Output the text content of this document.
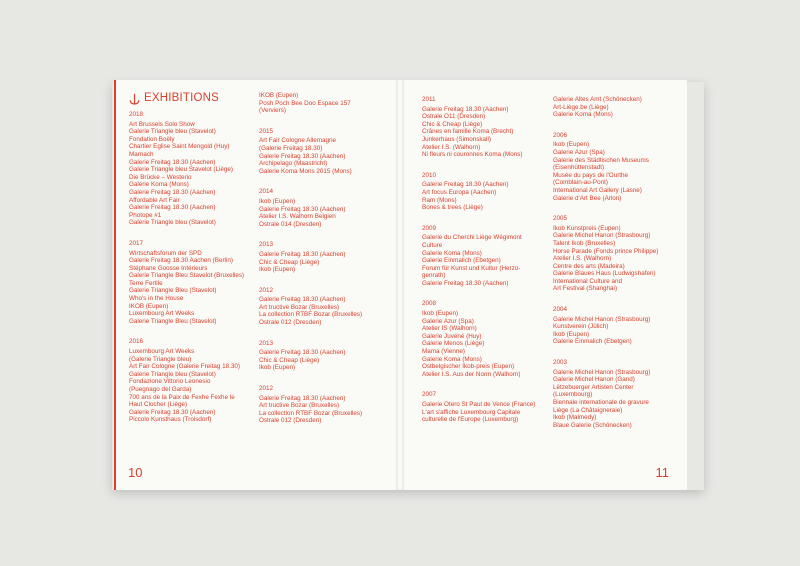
EXHIBITIONS
2018
Art Brussels Solo Show
Galerie Triangle bleu (Stavelot)
Fondation Boëly
Chartier Eglise Saint Mengold (Huy)
Marnach
Galerie Freitag 18.30 (Aachen)
Galerie Triangle bleu Stavelot (Liège)
Die Brücke – Westerio
Galerie Koma (Mons)
Galerie Freitag 18.30 (Aachen)
Affordable Art Fair
Galerie Freitag 18.30 (Aachen)
Photope #1
Galerie Triangle bleu (Stavelot)
2017
Wirtschaftsforum der SPD
Galerie Freitag 18.30 Aachen (Berlin)
Stéphane Goosse Intérieurs
Galerie Triangle Bleu Stavelot (Bruxelles)
Terre Fertile
Galerie Triangle Bleu (Stavelot)
Who's in the House
IKOB (Eupen)
Luxembourg Art Weeks
Galerie Triangle Bleu (Stavelot)
2016
Luxembourg Art Weeks
(Galerie Triangle bleu)
Art Fair Cologne (Galerie Freitag 18.30)
Galerie Triangle bleu (Stavelot)
Fondazione Vittorio Leonesio
(Puegnago del Garda)
700 ans de la Paix de Fexhe Fexhe le
Haut Clocher (Liège)
Galerie Freitag 18.30 (Aachen)
Piccolo Kunsthaus (Troisdorf)
IKOB (Eupen)
Posh Poch Bee Doo Espace 157
(Verviers)
2015
Art Fair Cologne Allemagne
(Galerie Freitag 18.30)
Galerie Freitag 18.30 (Aachen)
Archipelago (Maastricht)
Galerie Koma Mons 2015 (Mons)
2014
Ikob (Eupen)
Galerie Freitag 18.30 (Aachen)
Atelier I.S. Walhorn Belgien
Ostrale 014 (Dresden)
2013
Galerie Freitag 18.30 (Aachen)
Chic & Cheap (Liège)
Ikob (Eupen)
2012
Galerie Freitag 18.30 (Aachen)
Art tructive Bozar (Bruxelles)
La collection RTBF Bozar (Bruxelles)
Ostrale 012 (Dresden)
2013
Galerie Freitag 18.30 (Aachen)
Chic & Cheap (Liège)
Ikob (Eupen)
2012
Galerie Freitag 18.30 (Aachen)
Art tructive Bozar (Bruxelles)
La collection RTBF Bozar (Bruxelles)
Ostrale 012 (Dresden)
10
2011
Galerie Freitag 18.30 (Aachen)
Ostrale O11 (Dresden)
Chic & Cheap (Liège)
Crânes en famille Koma (Brecht)
Junkerhaus (Simonskall)
Atelier I.S. (Walhorn)
Ni fleurs ni couronnes Koma (Mons)
2010
Galerie Freitag 18.30 (Aachen)
Art focus Europa (Aachen)
Ram (Mons)
Bones & trees (Liège)
2009
Galerie du Cherchi Liège Wégimont
Culture
Galerie Koma (Mons)
Galerie Einmalich (Ebetgen)
Forum für Kunst und Kultur (Herzo-
genrath)
Galerie Freitag 18.30 (Aachen)
2008
Ikob (Eupen)
Galerie Azur (Spa)
Atelier IS (Walhorn)
Galerie Juvéné (Huy)
Galerie Menos (Liège)
Mama (Vienne)
Galerie Koma (Mons)
Ostbelgischer Ikob-preis (Eupen)
Atelier I.S. Aus der Norm (Walhorn)
2007
Galerie Otero St Paul de Vence (France)
L'art s'affiche Luxembourg Capitale
culturelle de l'Europe (Luxemburg)
Galerie Altes Amt (Schönecken)
Art-Liège.be (Liège)
Galerie Koma (Mons)
2006
Ikob (Eupen)
Galerie Azur (Spa)
Galerie des Städtischen Museums
(Eisenhüttenstadt)
Musée du pays de l'Ourthe
(Comblain-au-Pont)
International Art Gallery (Lasne)
Galerie d'Art Bee (Arlon)
2005
Ikob Kunstpreis (Eupen)
Galerie Michel Hanon (Strasbourg)
Talent Ikob (Bruxelles)
Horse Parade (Fonds prince Philippe)
Atelier I.S. (Walhorn)
Centre des arts (Madeira)
Galerie Blaues Haus (Ludwigshafen)
International Culture and
Art Festival (Shanghai)
2004
Galerie Michel Hanon (Strasbourg)
Kunstverein (Jülich)
Ikob (Eupen)
Galerie Einmalich (Ebetgen)
2003
Galerie Michel Hanon (Strasbourg)
Galerie Michel Hanon (Gand)
Lëtzebuerger Artisten Center
(Luxembourg)
Biennale internationale de gravure
Liège (La Châtaigneraie)
Ikob (Malmedy)
Blaue Galerie (Schönecken)
11
